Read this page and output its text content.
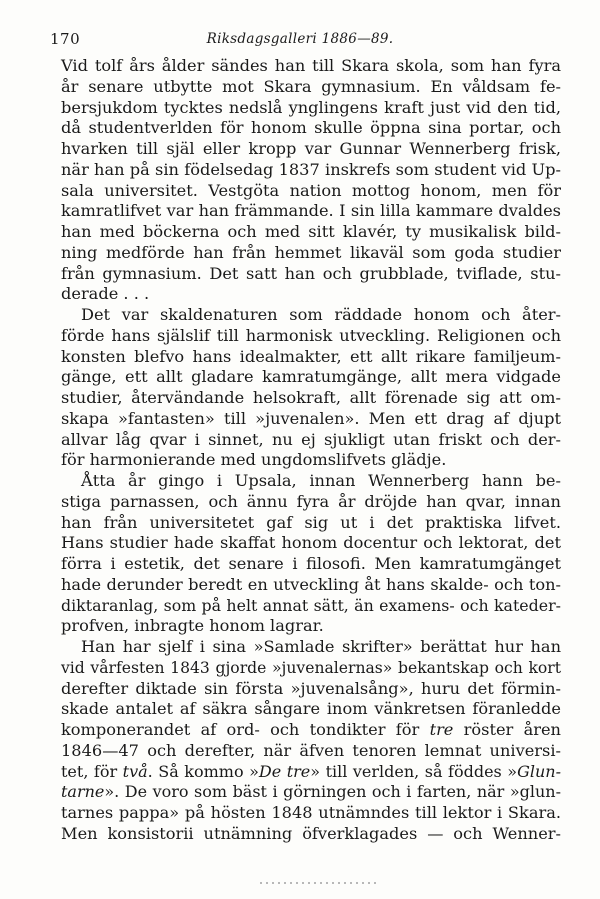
170	Riksdagsgalleri 1886—89.
Vid tolf års ålder sändes han till Skara skola, som han fyra
år senare utbytte mot Skara gymnasium. En våldsam fe-
bersjukdom tycktes nedslå ynglingens kraft just vid den tid,
då studentverlden för honom skulle öppna sina portar, och
hvarken till själ eller kropp var Gunnar Wennerberg frisk,
när han på sin födelsedag 1837 inskrefs som student vid Up-
sala universitet. Vestgöta nation mottog honom, men för
kamratlifvet var han främmande. I sin lilla kammare dvaldes
han med böckerna och med sitt klavér, ty musikalisk bild-
ning medförde han från hemmet likaväl som goda studier
från gymnasium. Det satt han och grubblade, tviflade, stu-
derade . . .
Det var skaldenaturen som räddade honom och åter-
förde hans själslif till harmonisk utveckling. Religionen och
konsten blefvo hans idealmakter, ett allt rikare familjeum-
gänge, ett allt gladare kamratumgänge, allt mera vidgade
studier, återvändande helsokraft, allt förenade sig att om-
skapa »fantasten» till »juvenalen». Men ett drag af djupt
allvar låg qvar i sinnet, nu ej sjukligt utan friskt och der-
för harmonierande med ungdomslifvets glädje.
Åtta år gingo i Upsala, innan Wennerberg hann be-
stiga parnassen, och ännu fyra år dröjde han qvar, innan
han från universitetet gaf sig ut i det praktiska lifvet.
Hans studier hade skaffat honom docentur och lektorat, det
förra i estetik, det senare i filosofi. Men kamratumgänget
hade derunder beredt en utveckling åt hans skalde- och ton-
diktaranlag, som på helt annat sätt, än examens- och kateder-
profven, inbragte honom lagrar.
Han har sjelf i sina »Samlade skrifter» berättat hur han
vid vårfesten 1843 gjorde »juvenalernas» bekantskap och kort
derefter diktade sin första »juvenalsång», huru det förmin-
skade antalet af säkra sångare inom vänkretsen föranledde
komponerandet af ord- och tondikter för tre röster åren
1846—47 och derefter, när äfven tenoren lemnat universi-
tet, för två. Så kommo »De tre» till verlden, så föddes »Glun-
tarne». De voro som bäst i görningen och i farten, när »glun-
tarnes pappa» på hösten 1848 utnämndes till lektor i Skara.
Men konsistorii utnämning öfverklagades — och Wenner-
